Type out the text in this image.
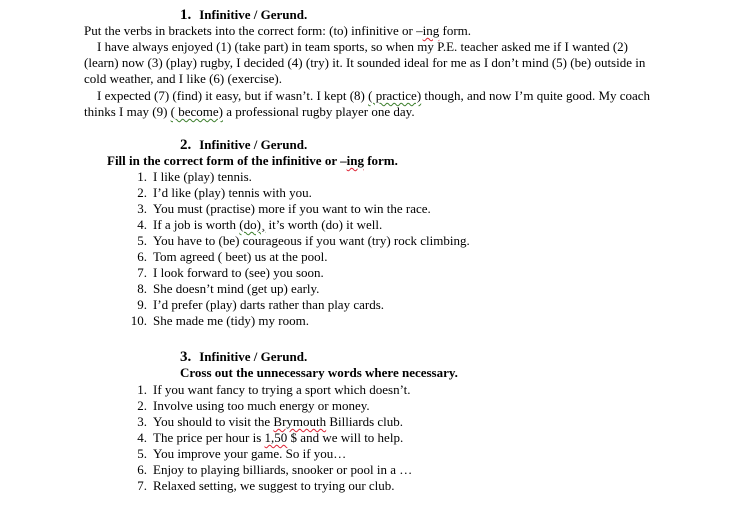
1. Infinitive / Gerund.
Put the verbs in brackets into the correct form: (to) infinitive or –ing form.
I have always enjoyed (1) (take part) in team sports, so when my P.E. teacher asked me if I wanted (2)
(learn) now (3) (play) rugby, I decided (4) (try) it. It sounded ideal for me as I don’t mind (5) (be) outside in
cold weather, and I like (6) (exercise).
I expected (7) (find) it easy, but if wasn’t. I kept (8) ( practice) though, and now I’m quite good. My coach
thinks I may (9) ( become) a professional rugby player one day.
2. Infinitive / Gerund.
Fill in the correct form of the infinitive or –ing form.
1. I like (play) tennis.
2. I’d like (play) tennis with you.
3. You must (practise) more if you want to win the race.
4. If a job is worth (do)¸ it’s worth (do) it well.
5. You have to (be) courageous if you want (try) rock climbing.
6. Tom agreed ( beet) us at the pool.
7. I look forward to (see) you soon.
8. She doesn’t mind (get up) early.
9. I’d prefer (play) darts rather than play cards.
10. She made me (tidy) my room.
3. Infinitive / Gerund.
Cross out the unnecessary words where necessary.
1. If you want fancy to trying a sport which doesn’t.
2. Involve using too much energy or money.
3. You should to visit the Brymouth Billiards club.
4. The price per hour is 1,50 $ and we will to help.
5. You improve your game. So if you…
6. Enjoy to playing billiards, snooker or pool in a …
7. Relaxed setting, we suggest to trying our club.
